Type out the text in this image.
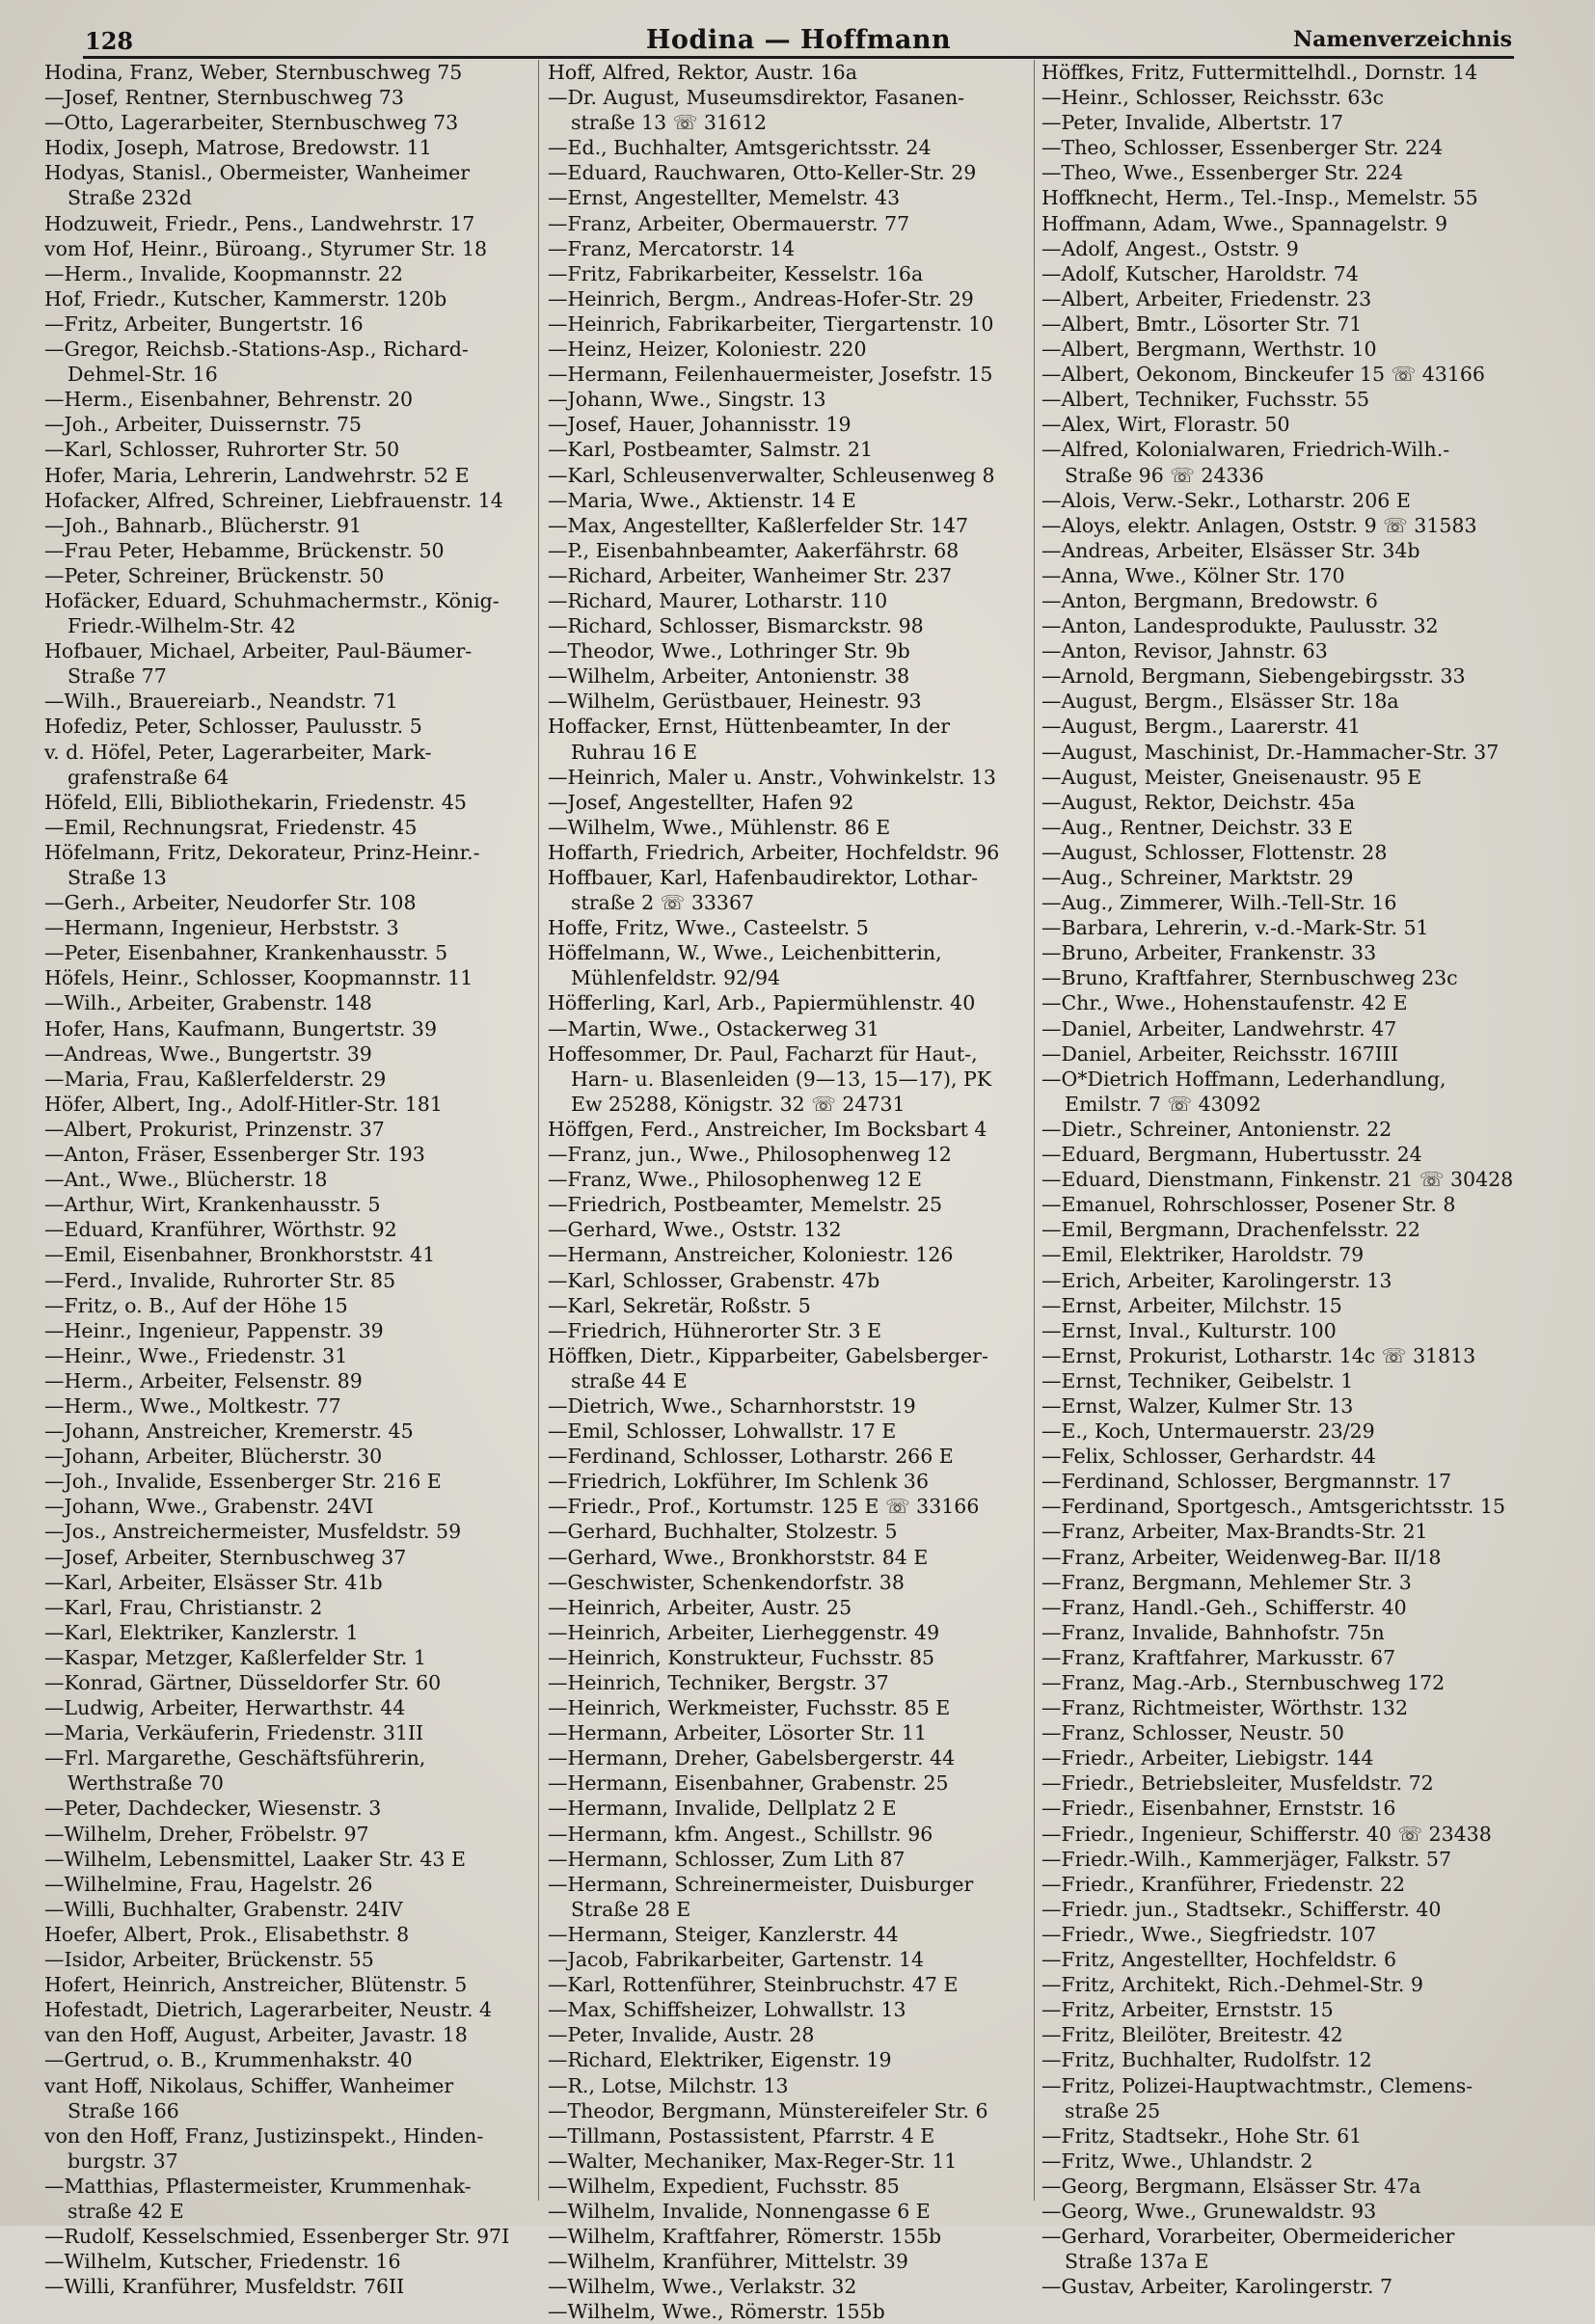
128	Hodina — Hoffmann	Namenverzeichnis
Hodina, Franz, Weber, Sternbuschweg 75
—Josef, Rentner, Sternbuschweg 73
—Otto, Lagerarbeiter, Sternbuschweg 73
Hodix, Joseph, Matrose, Bredowstr. 11
Hodyas, Stanisl., Obermeister, Wanheimer
Straße 232d
Hodzuweit, Friedr., Pens., Landwehrstr. 17
vom Hof, Heinr., Büroang., Styrumer Str. 18
—Herm., Invalide, Koopmannstr. 22
Hof, Friedr., Kutscher, Kammerstr. 120b
—Fritz, Arbeiter, Bungertstr. 16
—Gregor, Reichsb.-Stations-Asp., Richard-
Dehmel-Str. 16
—Herm., Eisenbahner, Behrenstr. 20
—Joh., Arbeiter, Duissernstr. 75
—Karl, Schlosser, Ruhrorter Str. 50
Hofer, Maria, Lehrerin, Landwehrstr. 52 E
Hofacker, Alfred, Schreiner, Liebfrauenstr. 14
—Joh., Bahnarb., Blücherstr. 91
—Frau Peter, Hebamme, Brückenstr. 50
—Peter, Schreiner, Brückenstr. 50
Hofäcker, Eduard, Schuhmachermstr., König-
Friedr.-Wilhelm-Str. 42
Hofbauer, Michael, Arbeiter, Paul-Bäumer-
Straße 77
—Wilh., Brauereiarb., Neandstr. 71
Hofediz, Peter, Schlosser, Paulusstr. 5
v. d. Höfel, Peter, Lagerarbeiter, Mark-
grafenstraße 64
Höfeld, Elli, Bibliothekarin, Friedenstr. 45
—Emil, Rechnungsrat, Friedenstr. 45
Höfelmann, Fritz, Dekorateur, Prinz-Heinr.-
Straße 13
—Gerh., Arbeiter, Neudorfer Str. 108
—Hermann, Ingenieur, Herbststr. 3
—Peter, Eisenbahner, Krankenhausstr. 5
Höfels, Heinr., Schlosser, Koopmannstr. 11
—Wilh., Arbeiter, Grabenstr. 148
Hofer, Hans, Kaufmann, Bungertstr. 39
—Andreas, Wwe., Bungertstr. 39
—Maria, Frau, Kaßlerfelderstr. 29
Höfer, Albert, Ing., Adolf-Hitler-Str. 181
—Albert, Prokurist, Prinzenstr. 37
—Anton, Fräser, Essenberger Str. 193
—Ant., Wwe., Blücherstr. 18
—Arthur, Wirt, Krankenhausstr. 5
—Eduard, Kranführer, Wörthstr. 92
—Emil, Eisenbahner, Bronkhorststr. 41
—Ferd., Invalide, Ruhrorter Str. 85
—Fritz, o. B., Auf der Höhe 15
—Heinr., Ingenieur, Pappenstr. 39
—Heinr., Wwe., Friedenstr. 31
—Herm., Arbeiter, Felsenstr. 89
—Herm., Wwe., Moltkestr. 77
—Johann, Anstreicher, Kremerstr. 45
—Johann, Arbeiter, Blücherstr. 30
—Joh., Invalide, Essenberger Str. 216 E
—Johann, Wwe., Grabenstr. 24VI
—Jos., Anstreichermeister, Musfeldstr. 59
—Josef, Arbeiter, Sternbuschweg 37
—Karl, Arbeiter, Elsässer Str. 41b
—Karl, Frau, Christianstr. 2
—Karl, Elektriker, Kanzlerstr. 1
—Kaspar, Metzger, Kaßlerfelder Str. 1
—Konrad, Gärtner, Düsseldorfer Str. 60
—Ludwig, Arbeiter, Herwarthstr. 44
—Maria, Verkäuferin, Friedenstr. 31II
—Frl. Margarethe, Geschäftsführerin,
Werthstraße 70
—Peter, Dachdecker, Wiesenstr. 3
—Wilhelm, Dreher, Fröbelstr. 97
—Wilhelm, Lebensmittel, Laaker Str. 43 E
—Wilhelmine, Frau, Hagelstr. 26
—Willi, Buchhalter, Grabenstr. 24IV
Hoefer, Albert, Prok., Elisabethstr. 8
—Isidor, Arbeiter, Brückenstr. 55
Hofert, Heinrich, Anstreicher, Blütenstr. 5
Hofestadt, Dietrich, Lagerarbeiter, Neustr. 4
van den Hoff, August, Arbeiter, Javastr. 18
—Gertrud, o. B., Krummenhakstr. 40
vant Hoff, Nikolaus, Schiffer, Wanheimer
Straße 166
von den Hoff, Franz, Justizinspekt., Hinden-
burgstr. 37
—Matthias, Pflastermeister, Krummenhak-
straße 42 E
—Rudolf, Kesselschmied, Essenberger Str. 97I
—Wilhelm, Kutscher, Friedenstr. 16
—Willi, Kranführer, Musfeldstr. 76II
Hoff, Alfred, Rektor, Austr. 16a
—Dr. August, Museumsdirektor, Fasanen-
straße 13 ☏ 31612
—Ed., Buchhalter, Amtsgerichtsstr. 24
—Eduard, Rauchwaren, Otto-Keller-Str. 29
—Ernst, Angestellter, Memelstr. 43
—Franz, Arbeiter, Obermauerstr. 77
—Franz, Mercatorstr. 14
—Fritz, Fabrikarbeiter, Kesselstr. 16a
—Heinrich, Bergm., Andreas-Hofer-Str. 29
—Heinrich, Fabrikarbeiter, Tiergartenstr. 10
—Heinz, Heizer, Koloniestr. 220
—Hermann, Feilenhauermeister, Josefstr. 15
—Johann, Wwe., Singstr. 13
—Josef, Hauer, Johannisstr. 19
—Karl, Postbeamter, Salmstr. 21
—Karl, Schleusenverwalter, Schleusenweg 8
—Maria, Wwe., Aktienstr. 14 E
—Max, Angestellter, Kaßlerfelder Str. 147
—P., Eisenbahnbeamter, Aakerfährstr. 68
—Richard, Arbeiter, Wanheimer Str. 237
—Richard, Maurer, Lotharstr. 110
—Richard, Schlosser, Bismarckstr. 98
—Theodor, Wwe., Lothringer Str. 9b
—Wilhelm, Arbeiter, Antonienstr. 38
—Wilhelm, Gerüstbauer, Heinestr. 93
Hoffacker, Ernst, Hüttenbeamter, In der
Ruhrau 16 E
—Heinrich, Maler u. Anstr., Vohwinkelstr. 13
—Josef, Angestellter, Hafen 92
—Wilhelm, Wwe., Mühlenstr. 86 E
Hoffarth, Friedrich, Arbeiter, Hochfeldstr. 96
Hoffbauer, Karl, Hafenbaudirektor, Lothar-
straße 2 ☏ 33367
Hoffe, Fritz, Wwe., Casteelstr. 5
Höffelmann, W., Wwe., Leichenbitterin,
Mühlenfeldstr. 92/94
Höfferling, Karl, Arb., Papiermühlenstr. 40
—Martin, Wwe., Ostackerweg 31
Hoffesommer, Dr. Paul, Facharzt für Haut-,
Harn- u. Blasenleiden (9—13, 15—17), PK
Ew 25288, Königstr. 32 ☏ 24731
Höffgen, Ferd., Anstreicher, Im Bocksbart 4
—Franz, jun., Wwe., Philosophenweg 12
—Franz, Wwe., Philosophenweg 12 E
—Friedrich, Postbeamter, Memelstr. 25
—Gerhard, Wwe., Oststr. 132
—Hermann, Anstreicher, Koloniestr. 126
—Karl, Schlosser, Grabenstr. 47b
—Karl, Sekretär, Roßstr. 5
—Friedrich, Hühnerorter Str. 3 E
Höffken, Dietr., Kipparbeiter, Gabelsberger-
straße 44 E
—Dietrich, Wwe., Scharnhorststr. 19
—Emil, Schlosser, Lohwallstr. 17 E
—Ferdinand, Schlosser, Lotharstr. 266 E
—Friedrich, Lokführer, Im Schlenk 36
—Friedr., Prof., Kortumstr. 125 E ☏ 33166
—Gerhard, Buchhalter, Stolzestr. 5
—Gerhard, Wwe., Bronkhorststr. 84 E
—Geschwister, Schenkendorfstr. 38
—Heinrich, Arbeiter, Austr. 25
—Heinrich, Arbeiter, Lierheggenstr. 49
—Heinrich, Konstrukteur, Fuchsstr. 85
—Heinrich, Techniker, Bergstr. 37
—Heinrich, Werkmeister, Fuchsstr. 85 E
—Hermann, Arbeiter, Lösorter Str. 11
—Hermann, Dreher, Gabelsbergerstr. 44
—Hermann, Eisenbahner, Grabenstr. 25
—Hermann, Invalide, Dellplatz 2 E
—Hermann, kfm. Angest., Schillstr. 96
—Hermann, Schlosser, Zum Lith 87
—Hermann, Schreinermeister, Duisburger
Straße 28 E
—Hermann, Steiger, Kanzlerstr. 44
—Jacob, Fabrikarbeiter, Gartenstr. 14
—Karl, Rottenführer, Steinbruchstr. 47 E
—Max, Schiffsheizer, Lohwallstr. 13
—Peter, Invalide, Austr. 28
—Richard, Elektriker, Eigenstr. 19
—R., Lotse, Milchstr. 13
—Theodor, Bergmann, Münstereifeler Str. 6
—Tillmann, Postassistent, Pfarrstr. 4 E
—Walter, Mechaniker, Max-Reger-Str. 11
—Wilhelm, Expedient, Fuchsstr. 85
—Wilhelm, Invalide, Nonnengasse 6 E
—Wilhelm, Kraftfahrer, Römerstr. 155b
—Wilhelm, Kranführer, Mittelstr. 39
—Wilhelm, Wwe., Verlakstr. 32
—Wilhelm, Wwe., Römerstr. 155b
Höffkes, Fritz, Futtermittelhdl., Dornstr. 14
—Heinr., Schlosser, Reichsstr. 63c
—Peter, Invalide, Albertstr. 17
—Theo, Schlosser, Essenberger Str. 224
—Theo, Wwe., Essenberger Str. 224
Hoffknecht, Herm., Tel.-Insp., Memelstr. 55
Hoffmann, Adam, Wwe., Spannagelstr. 9
—Adolf, Angest., Oststr. 9
—Adolf, Kutscher, Haroldstr. 74
—Albert, Arbeiter, Friedenstr. 23
—Albert, Bmtr., Lösorter Str. 71
—Albert, Bergmann, Werthstr. 10
—Albert, Oekonom, Binckeufer 15 ☏ 43166
—Albert, Techniker, Fuchsstr. 55
—Alex, Wirt, Florastr. 50
—Alfred, Kolonialwaren, Friedrich-Wilh.-
Straße 96 ☏ 24336
—Alois, Verw.-Sekr., Lotharstr. 206 E
—Aloys, elektr. Anlagen, Oststr. 9 ☏ 31583
—Andreas, Arbeiter, Elsässer Str. 34b
—Anna, Wwe., Kölner Str. 170
—Anton, Bergmann, Bredowstr. 6
—Anton, Landesprodukte, Paulusstr. 32
—Anton, Revisor, Jahnstr. 63
—Arnold, Bergmann, Siebengebirgsstr. 33
—August, Bergm., Elsässer Str. 18a
—August, Bergm., Laarerstr. 41
—August, Maschinist, Dr.-Hammacher-Str. 37
—August, Meister, Gneisenaustr. 95 E
—August, Rektor, Deichstr. 45a
—Aug., Rentner, Deichstr. 33 E
—August, Schlosser, Flottenstr. 28
—Aug., Schreiner, Marktstr. 29
—Aug., Zimmerer, Wilh.-Tell-Str. 16
—Barbara, Lehrerin, v.-d.-Mark-Str. 51
—Bruno, Arbeiter, Frankenstr. 33
—Bruno, Kraftfahrer, Sternbuschweg 23c
—Chr., Wwe., Hohenstaufenstr. 42 E
—Daniel, Arbeiter, Landwehrstr. 47
—Daniel, Arbeiter, Reichsstr. 167III
—O*Dietrich Hoffmann, Lederhandlung,
Emilstr. 7 ☏ 43092
—Dietr., Schreiner, Antonienstr. 22
—Eduard, Bergmann, Hubertusstr. 24
—Eduard, Dienstmann, Finkenstr. 21 ☏ 30428
—Emanuel, Rohrschlosser, Posener Str. 8
—Emil, Bergmann, Drachenfelsstr. 22
—Emil, Elektriker, Haroldstr. 79
—Erich, Arbeiter, Karolingerstr. 13
—Ernst, Arbeiter, Milchstr. 15
—Ernst, Inval., Kulturstr. 100
—Ernst, Prokurist, Lotharstr. 14c ☏ 31813
—Ernst, Techniker, Geibelstr. 1
—Ernst, Walzer, Kulmer Str. 13
—E., Koch, Untermauerstr. 23/29
—Felix, Schlosser, Gerhardstr. 44
—Ferdinand, Schlosser, Bergmannstr. 17
—Ferdinand, Sportgesch., Amtsgerichtsstr. 15
—Franz, Arbeiter, Max-Brandts-Str. 21
—Franz, Arbeiter, Weidenweg-Bar. II/18
—Franz, Bergmann, Mehlemer Str. 3
—Franz, Handl.-Geh., Schifferstr. 40
—Franz, Invalide, Bahnhofstr. 75n
—Franz, Kraftfahrer, Markusstr. 67
—Franz, Mag.-Arb., Sternbuschweg 172
—Franz, Richtmeister, Wörthstr. 132
—Franz, Schlosser, Neustr. 50
—Friedr., Arbeiter, Liebigstr. 144
—Friedr., Betriebsleiter, Musfeldstr. 72
—Friedr., Eisenbahner, Ernststr. 16
—Friedr., Ingenieur, Schifferstr. 40 ☏ 23438
—Friedr.-Wilh., Kammerjäger, Falkstr. 57
—Friedr., Kranführer, Friedenstr. 22
—Friedr. jun., Stadtsekr., Schifferstr. 40
—Friedr., Wwe., Siegfriedstr. 107
—Fritz, Angestellter, Hochfeldstr. 6
—Fritz, Architekt, Rich.-Dehmel-Str. 9
—Fritz, Arbeiter, Ernststr. 15
—Fritz, Bleilöter, Breitestr. 42
—Fritz, Buchhalter, Rudolfstr. 12
—Fritz, Polizei-Hauptwachtmstr., Clemens-
straße 25
—Fritz, Stadtsekr., Hohe Str. 61
—Fritz, Wwe., Uhlandstr. 2
—Georg, Bergmann, Elsässer Str. 47a
—Georg, Wwe., Grunewaldstr. 93
—Gerhard, Vorarbeiter, Obermeidericher
Straße 137a E
—Gustav, Arbeiter, Karolingerstr. 7
